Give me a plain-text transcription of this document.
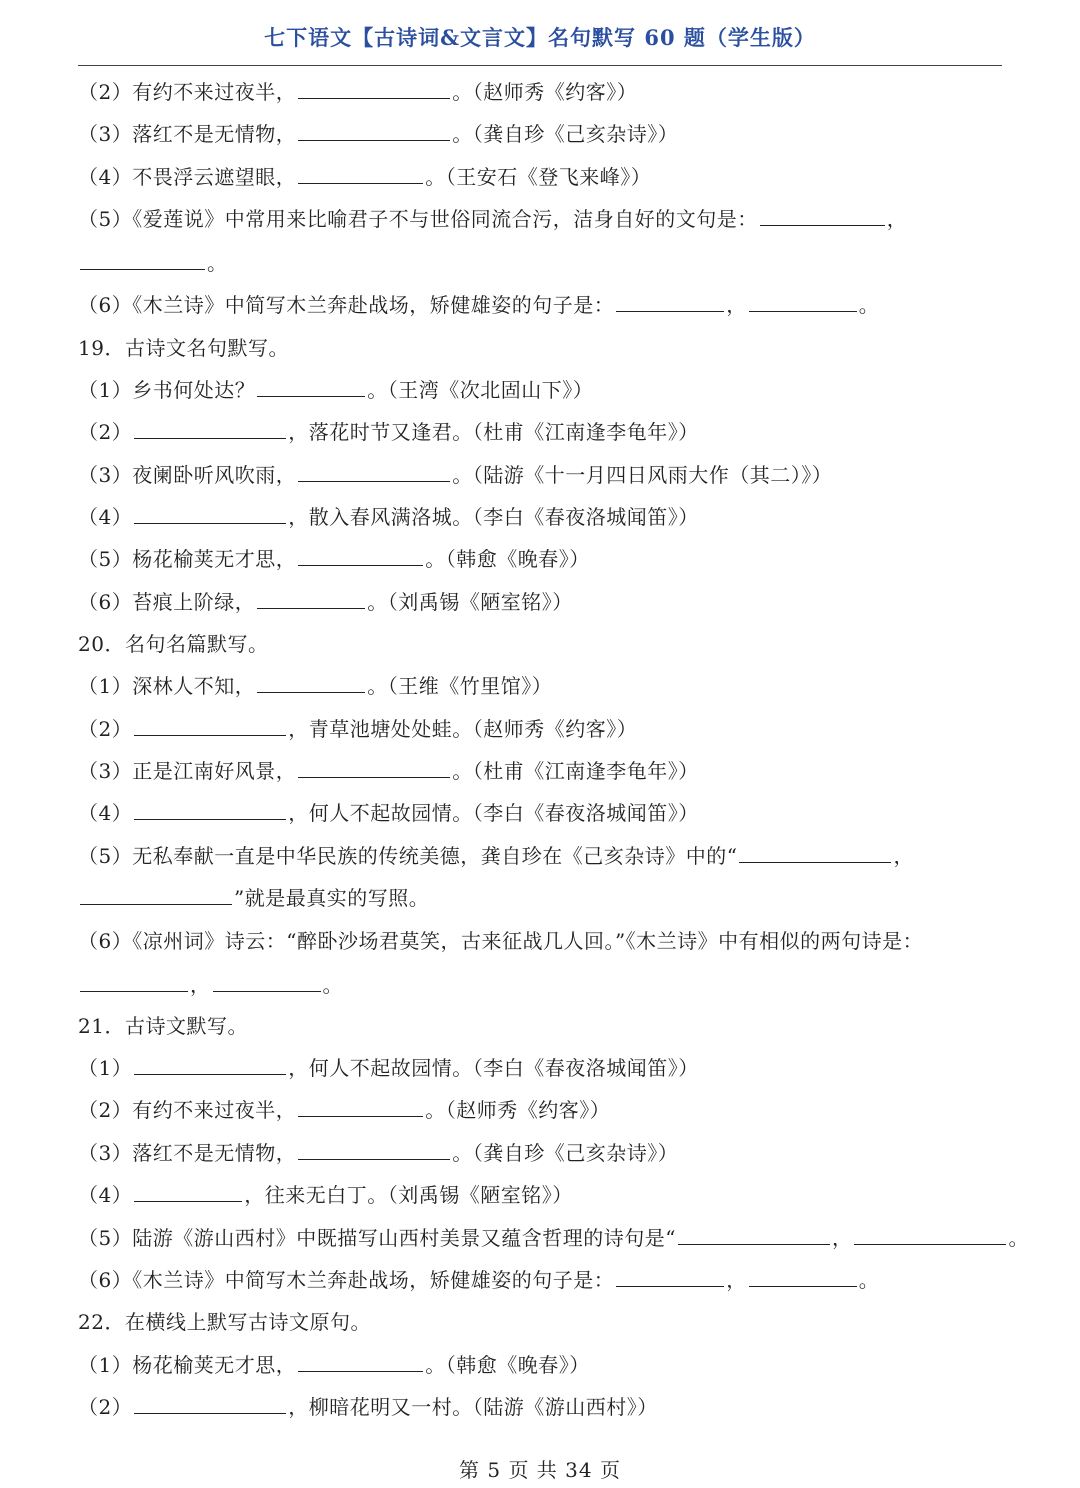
七下语文【古诗词&文言文】名句默写 60 题（学生版）
（2）有约不来过夜半，	。（赵师秀《约客》）
（3）落红不是无情物，	。（龚自珍《己亥杂诗》）
（4）不畏浮云遮望眼，	。（王安石《登飞来峰》）
（5）《爱莲说》中常用来比喻君子不与世俗同流合污，洁身自好的文句是：	，
。
（6）《木兰诗》中简写木兰奔赴战场，矫健雄姿的句子是：	，	。
19．古诗文名句默写。
（1）乡书何处达？	。（王湾《次北固山下》）
（2）	，落花时节又逢君。（杜甫《江南逢李龟年》）
（3）夜阑卧听风吹雨，	。（陆游《十一月四日风雨大作（其二）》）
（4）	，散入春风满洛城。（李白《春夜洛城闻笛》）
（5）杨花榆荚无才思，	。（韩愈《晚春》）
（6）苔痕上阶绿，	。（刘禹锡《陋室铭》）
20．名句名篇默写。
（1）深林人不知，	。（王维《竹里馆》）
（2）	，青草池塘处处蛙。（赵师秀《约客》）
（3）正是江南好风景，	。（杜甫《江南逢李龟年》）
（4）	，何人不起故园情。（李白《春夜洛城闻笛》）
（5）无私奉献一直是中华民族的传统美德，龚自珍在《己亥杂诗》中的“	，
”就是最真实的写照。
（6）《凉州词》诗云：“醉卧沙场君莫笑，古来征战几人回。”《木兰诗》中有相似的两句诗是：
，	。
21．古诗文默写。
（1）	，何人不起故园情。（李白《春夜洛城闻笛》）
（2）有约不来过夜半，	。（赵师秀《约客》）
（3）落红不是无情物，	。（龚自珍《己亥杂诗》）
（4）	，往来无白丁。（刘禹锡《陋室铭》）
（5）陆游《游山西村》中既描写山西村美景又蕴含哲理的诗句是“	，	。
（6）《木兰诗》中简写木兰奔赴战场，矫健雄姿的句子是：	，	。
22．在横线上默写古诗文原句。
（1）杨花榆荚无才思，	。（韩愈《晚春》）
（2）	，柳暗花明又一村。（陆游《游山西村》）
第 5 页 共 34 页
